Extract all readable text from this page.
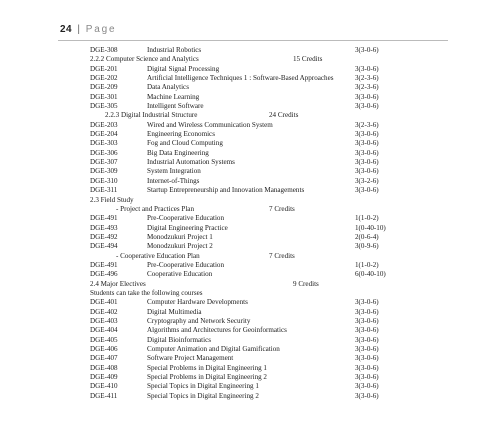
24 | Page
DGE-308	Industrial Robotics	3(3-0-6)
2.2.2 Computer Science and Analytics	15 Credits
DGE-201	Digital Signal Processing	3(3-0-6)
DGE-202	Artificial Intelligence Techniques 1 : Software-Based Approaches	3(2-3-6)
DGE-209	Data Analytics	3(2-3-6)
DGE-301	Machine Learning	3(3-0-6)
DGE-305	Intelligent Software	3(3-0-6)
2.2.3 Digital Industrial Structure	24 Credits
DGE-203	Wired and Wireless Communication System	3(2-3-6)
DGE-204	Engineering Economics	3(3-0-6)
DGE-303	Fog and Cloud Computing	3(3-0-6)
DGE-306	Big Data Engineering	3(3-0-6)
DGE-307	Industrial Automation Systems	3(3-0-6)
DGE-309	System Integration	3(3-0-6)
DGE-310	Internet-of-Things	3(3-2-6)
DGE-311	Startup Entrepreneurship and Innovation Managements	3(3-0-6)
2.3 Field Study
- Project and Practices Plan	7 Credits
DGE-491	Pre-Cooperative Education	1(1-0-2)
DGE-493	Digital Engineering Practice	1(0-40-10)
DGE-492	Monodzukuri Project 1	2(0-6-4)
DGE-494	Monodzukuri Project 2	3(0-9-6)
- Cooperative Education Plan	7 Credits
DGE-491	Pre-Cooperative Education	1(1-0-2)
DGE-496	Cooperative Education	6(0-40-10)
2.4 Major Electives	9 Credits
Students can take the following courses
DGE-401	Computer Hardware Developments	3(3-0-6)
DGE-402	Digital Multimedia	3(3-0-6)
DGE-403	Cryptography and Network Security	3(3-0-6)
DGE-404	Algorithms and Architectures for Geoinformatics	3(3-0-6)
DGE-405	Digital Bioinformatics	3(3-0-6)
DGE-406	Computer Animation and Digital Gamification	3(3-0-6)
DGE-407	Software Project Management	3(3-0-6)
DGE-408	Special Problems in Digital Engineering 1	3(3-0-6)
DGE-409	Special Problems in Digital Engineering 2	3(3-0-6)
DGE-410	Special Topics in Digital Engineering 1	3(3-0-6)
DGE-411	Special Topics in Digital Engineering 2	3(3-0-6)
